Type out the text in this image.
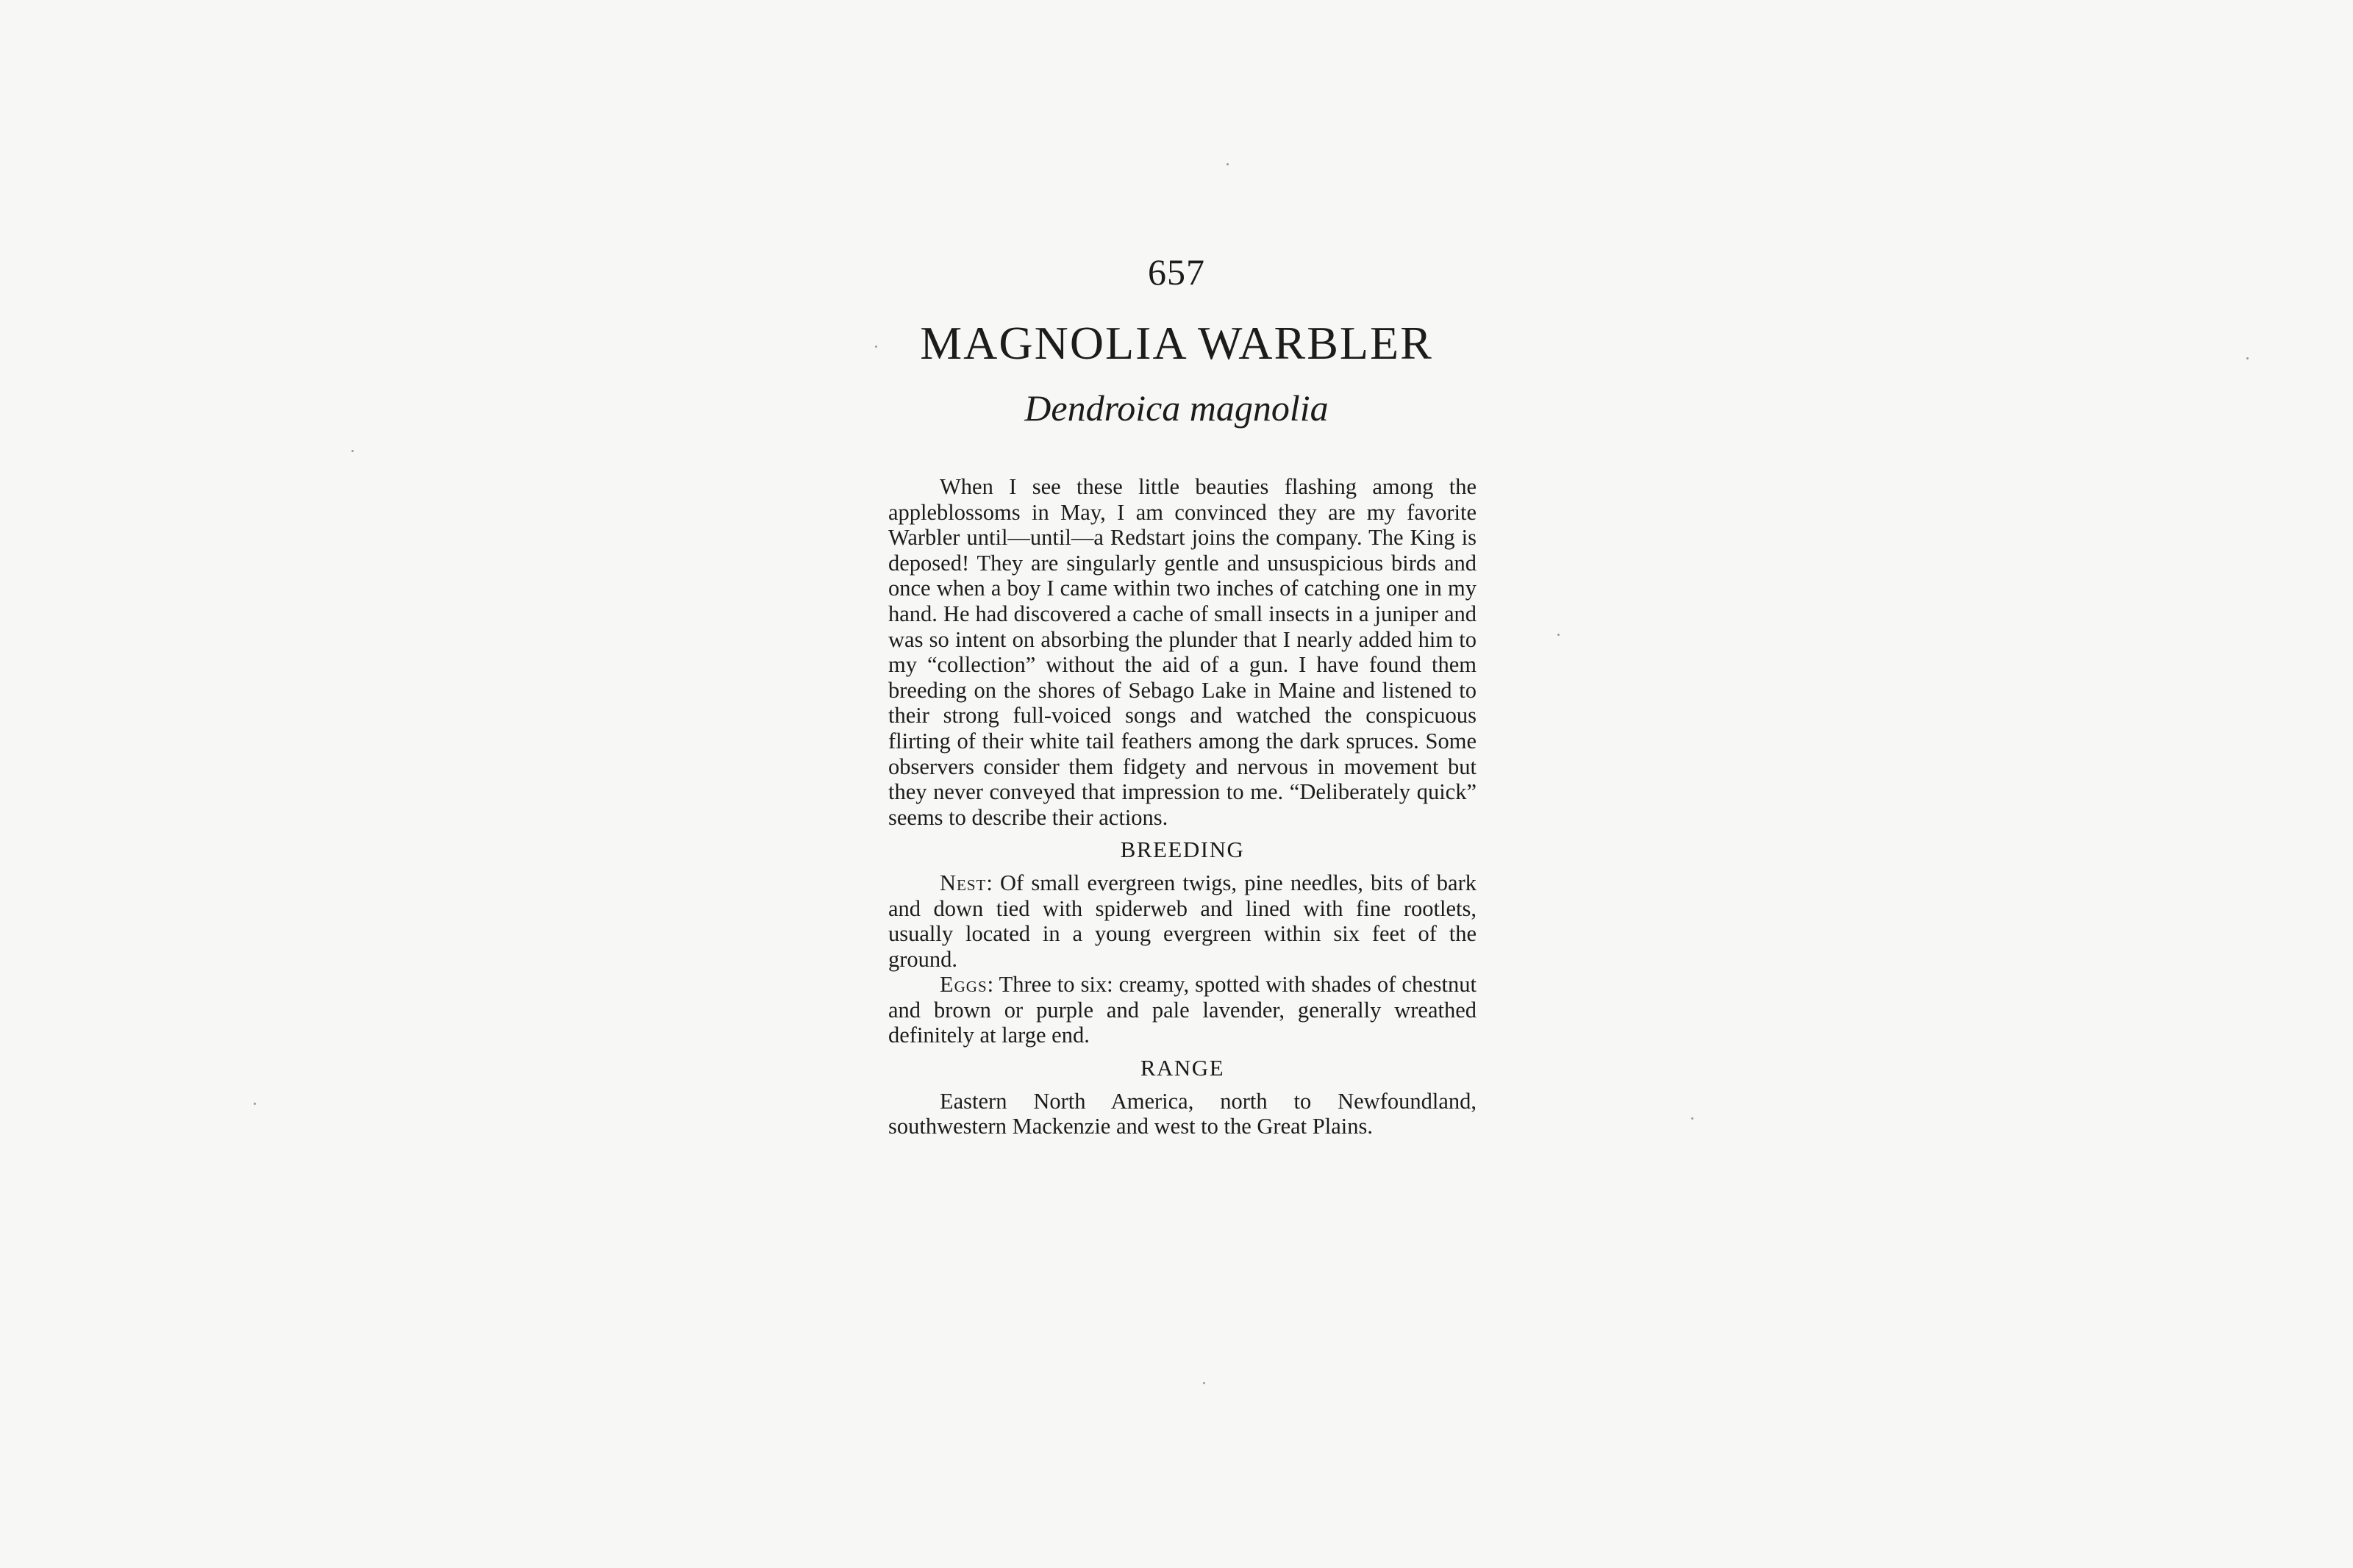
657
MAGNOLIA WARBLER
Dendroica magnolia

When I see these little beauties flashing among the appleblossoms in May, I am convinced they are my favorite Warbler until—until—a Redstart joins the company. The King is deposed! They are singularly gentle and unsuspicious birds and once when a boy I came within two inches of catching one in my hand. He had discovered a cache of small insects in a juniper and was so intent on absorbing the plunder that I nearly added him to my “collection” without the aid of a gun. I have found them breeding on the shores of Sebago Lake in Maine and listened to their strong full-voiced songs and watched the conspicuous flirting of their white tail feathers among the dark spruces. Some observers consider them fidgety and nervous in movement but they never conveyed that impression to me. “Deliberately quick” seems to describe their actions.

BREEDING

Nest: Of small evergreen twigs, pine needles, bits of bark and down tied with spiderweb and lined with fine rootlets, usually located in a young evergreen within six feet of the ground.

Eggs: Three to six: creamy, spotted with shades of chestnut and brown or purple and pale lavender, generally wreathed definitely at large end.

RANGE

Eastern North America, north to Newfoundland, southwestern Mackenzie and west to the Great Plains.
